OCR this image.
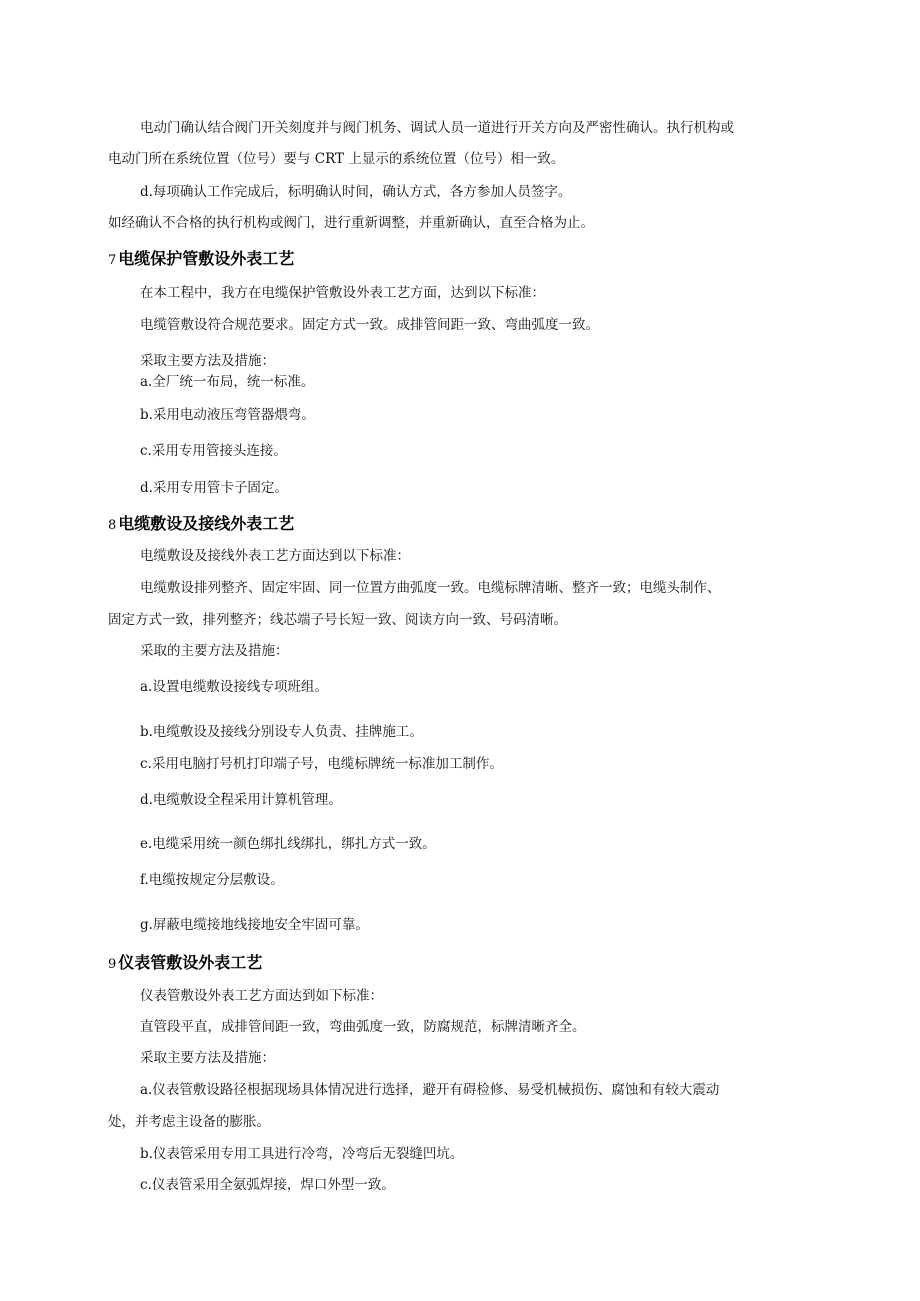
电动门确认结合阀门开关刻度并与阀门机务、调试人员一道进行开关方向及严密性确认。执行机构或
电动门所在系统位置（位号）要与 CRT 上显示的系统位置（位号）相一致。
d.每项确认工作完成后，标明确认时间，确认方式，各方参加人员签字。
如经确认不合格的执行机构或阀门，进行重新调整，并重新确认，直至合格为止。
7 电缆保护管敷设外表工艺
在本工程中，我方在电缆保护管敷设外表工艺方面，达到以下标准：
电缆管敷设符合规范要求。固定方式一致。成排管间距一致、弯曲弧度一致。
采取主要方法及措施：
a.全厂统一布局，统一标准。
b.采用电动液压弯管器煨弯。
c.采用专用管接头连接。
d.采用专用管卡子固定。
8 电缆敷设及接线外表工艺
电缆敷设及接线外表工艺方面达到以下标准：
电缆敷设排列整齐、固定牢固、同一位置方曲弧度一致。电缆标牌清晰、整齐一致；电缆头制作、
固定方式一致，排列整齐；线芯端子号长短一致、阅读方向一致、号码清晰。
采取的主要方法及措施：
a.设置电缆敷设接线专项班组。
b.电缆敷设及接线分别设专人负责、挂牌施工。
c.采用电脑打号机打印端子号，电缆标牌统一标准加工制作。
d.电缆敷设全程采用计算机管理。
e.电缆采用统一颜色绑扎线绑扎，绑扎方式一致。
f.电缆按规定分层敷设。
g.屏蔽电缆接地线接地安全牢固可靠。
9 仪表管敷设外表工艺
仪表管敷设外表工艺方面达到如下标准：
直管段平直，成排管间距一致，弯曲弧度一致，防腐规范，标牌清晰齐全。
采取主要方法及措施：
a.仪表管敷设路径根据现场具体情况进行选择，避开有碍检修、易受机械损伤、腐蚀和有较大震动
处，并考虑主设备的膨胀。
b.仪表管采用专用工具进行冷弯，冷弯后无裂缝凹坑。
c.仪表管采用全氨弧焊接，焊口外型一致。
